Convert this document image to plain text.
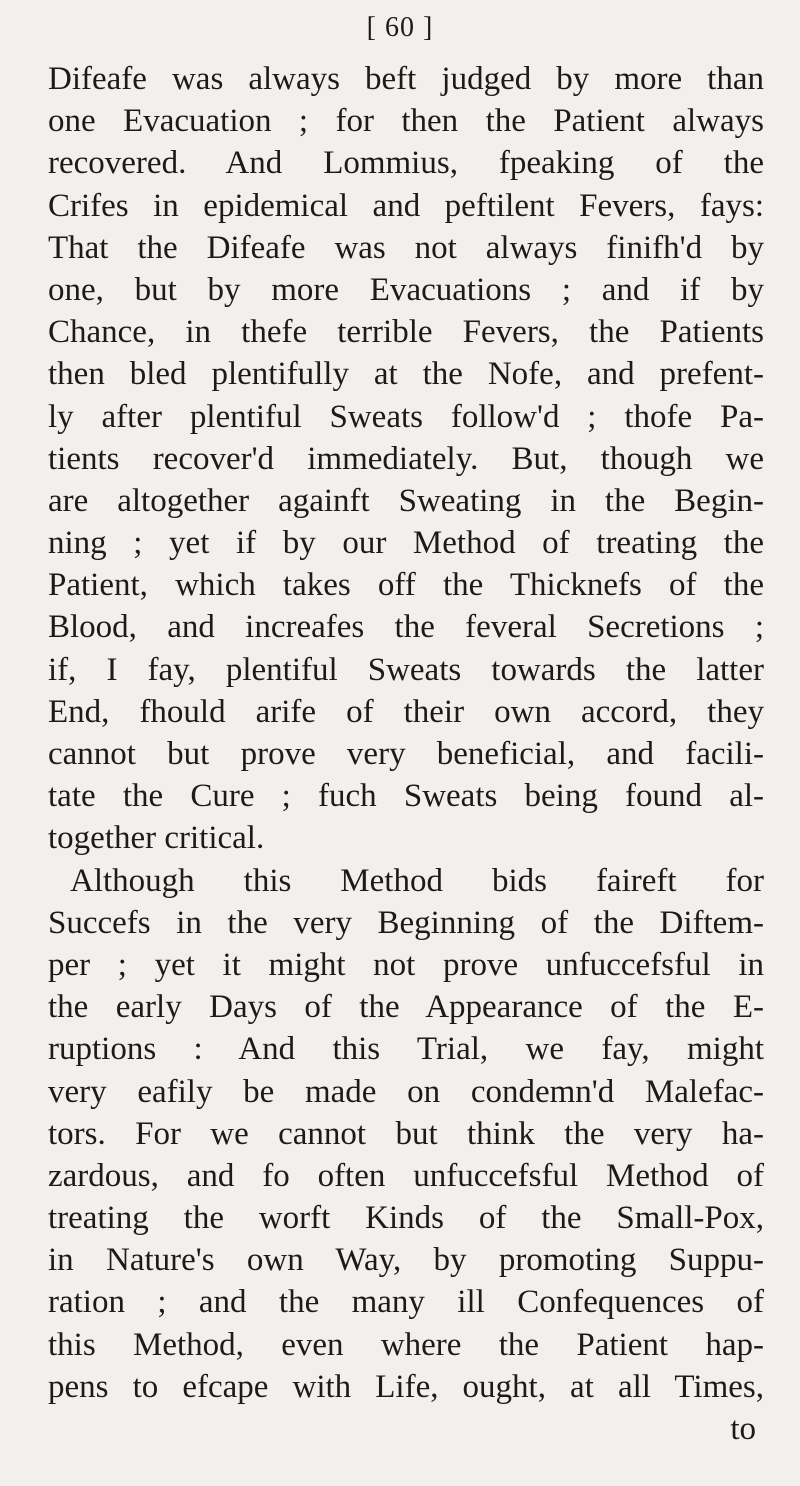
[ 60 ]
Difeafe was always beft judged by more than
one Evacuation ; for then the Patient always
recovered. And Lommius, fpeaking of the
Crifes in epidemical and peftilent Fevers, fays:
That the Difeafe was not always finifh'd by
one, but by more Evacuations ; and if by
Chance, in thefe terrible Fevers, the Patients
then bled plentifully at the Nofe, and prefent-
ly after plentiful Sweats follow'd ; thofe Pa-
tients recover'd immediately. But, though we
are altogether againft Sweating in the Begin-
ning ; yet if by our Method of treating the
Patient, which takes off the Thicknefs of the
Blood, and increafes the feveral Secretions ;
if, I fay, plentiful Sweats towards the latter
End, fhould arife of their own accord, they
cannot but prove very beneficial, and facili-
tate the Cure ; fuch Sweats being found al-
together critical.
Although this Method bids faireft for
Succefs in the very Beginning of the Diftem-
per ; yet it might not prove unfuccefsful in
the early Days of the Appearance of the E-
ruptions : And this Trial, we fay, might
very eafily be made on condemn'd Malefac-
tors. For we cannot but think the very ha-
zardous, and fo often unfuccefsful Method of
treating the worft Kinds of the Small-Pox,
in Nature's own Way, by promoting Suppu-
ration ; and the many ill Confequences of
this Method, even where the Patient hap-
pens to efcape with Life, ought, at all Times,
to
